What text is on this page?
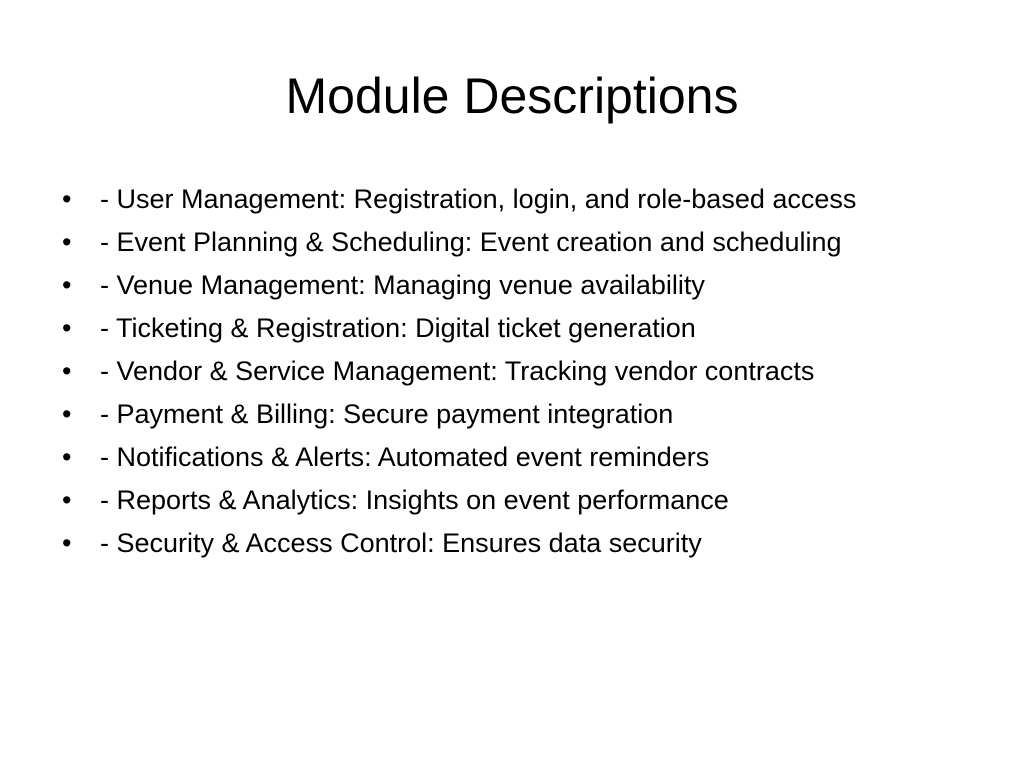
Module Descriptions
•	- User Management: Registration, login, and role-based access
•	- Event Planning & Scheduling: Event creation and scheduling
•	- Venue Management: Managing venue availability
•	- Ticketing & Registration: Digital ticket generation
•	- Vendor & Service Management: Tracking vendor contracts
•	- Payment & Billing: Secure payment integration
•	- Notifications & Alerts: Automated event reminders
•	- Reports & Analytics: Insights on event performance
•	- Security & Access Control: Ensures data security
